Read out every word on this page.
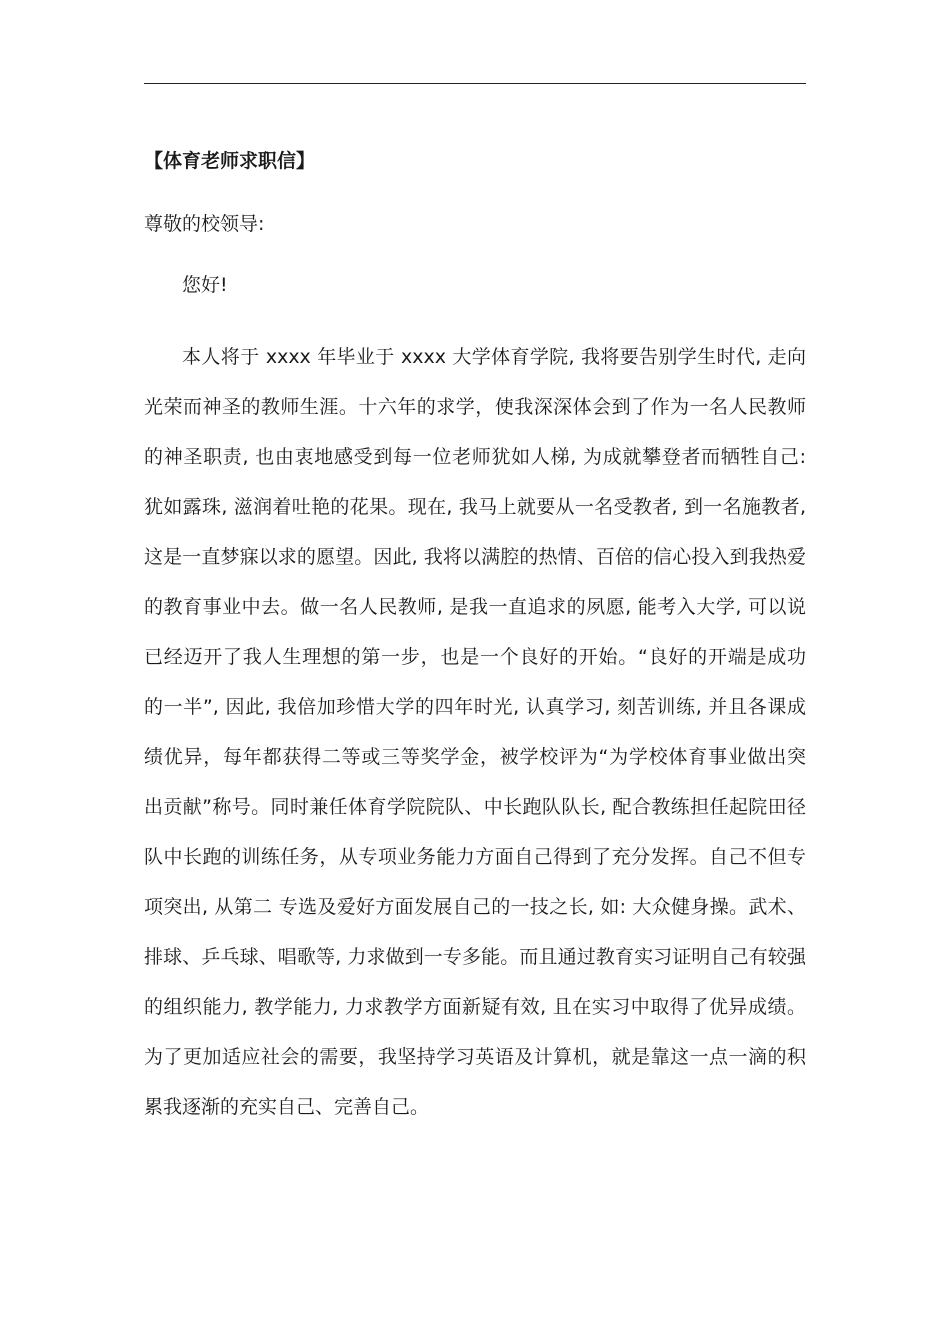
【体育老师求职信】
尊敬的校领导:
您好!
本人将于 xxxx 年毕业于 xxxx 大学体育学院, 我将要告别学生时代, 走向
光荣而神圣的教师生涯。十六年的求学，使我深深体会到了作为一名人民教师
的神圣职责, 也由衷地感受到每一位老师犹如人梯, 为成就攀登者而牺牲自己:
犹如露珠, 滋润着吐艳的花果。现在, 我马上就要从一名受教者, 到一名施教者,
这是一直梦寐以求的愿望。因此, 我将以满腔的热情、百倍的信心投入到我热爱
的教育事业中去。做一名人民教师, 是我一直追求的夙愿, 能考入大学, 可以说
已经迈开了我人生理想的第一步，也是一个良好的开始。“良好的开端是成功
的一半”, 因此, 我倍加珍惜大学的四年时光, 认真学习, 刻苦训练, 并且各课成
绩优异，每年都获得二等或三等奖学金，被学校评为“为学校体育事业做出突
出贡献”称号。同时兼任体育学院院队、中长跑队队长, 配合教练担任起院田径
队中长跑的训练任务，从专项业务能力方面自己得到了充分发挥。自己不但专
项突出, 从第二 专选及爱好方面发展自己的一技之长, 如: 大众健身操。武术、
排球、乒乓球、唱歌等, 力求做到一专多能。而且通过教育实习证明自己有较强
的组织能力, 教学能力, 力求教学方面新疑有效, 且在实习中取得了优异成绩。
为了更加适应社会的需要，我坚持学习英语及计算机，就是靠这一点一滴的积
累我逐渐的充实自己、完善自己。
